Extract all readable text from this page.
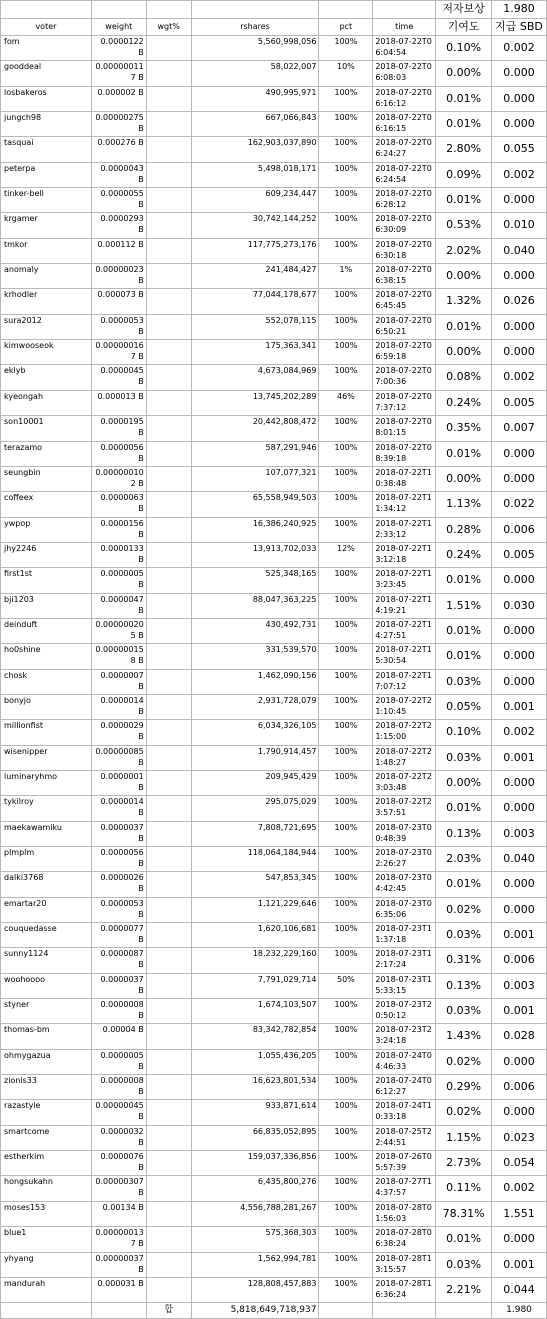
						저자보상	1.980
voter	weight	wgt%	rshares	pct	time	기여도	지급 SBD
fom	0.0000122 B		5,560,998,056	100%	2018-07-22T06:04:54	0.10%	0.002
gooddeal	0.00000011 7 B		58,022,007	10%	2018-07-22T06:08:03	0.00%	0.000
losbakeros	0.000002 B		490,995,971	100%	2018-07-22T06:16:12	0.01%	0.000
jungch98	0.00000275 B		667,066,843	100%	2018-07-22T06:16:15	0.01%	0.000
tasquai	0.000276 B		162,903,037,890	100%	2018-07-22T06:24:27	2.80%	0.055
peterpa	0.0000043 B		5,498,018,171	100%	2018-07-22T06:24:54	0.09%	0.002
tinker-bell	0.0000055 B		609,234,447	100%	2018-07-22T06:28:12	0.01%	0.000
krgamer	0.0000293 B		30,742,144,252	100%	2018-07-22T06:30:09	0.53%	0.010
tmkor	0.000112 B		117,775,273,176	100%	2018-07-22T06:30:18	2.02%	0.040
anomaly	0.00000023 B		241,484,427	1%	2018-07-22T06:38:15	0.00%	0.000
krhodler	0.000073 B		77,044,178,677	100%	2018-07-22T06:45:45	1.32%	0.026
sura2012	0.0000053 B		552,078,115	100%	2018-07-22T06:50:21	0.01%	0.000
kimwooseok	0.00000016 7 B		175,363,341	100%	2018-07-22T06:59:18	0.00%	0.000
eklyb	0.0000045 B		4,673,084,969	100%	2018-07-22T07:00:36	0.08%	0.002
kyeongah	0.000013 B		13,745,202,289	46%	2018-07-22T07:37:12	0.24%	0.005
son10001	0.0000195 B		20,442,808,472	100%	2018-07-22T08:01:15	0.35%	0.007
terazamo	0.0000056 B		587,291,946	100%	2018-07-22T08:39:18	0.01%	0.000
seungbin	0.00000010 2 B		107,077,321	100%	2018-07-22T10:38:48	0.00%	0.000
coffeex	0.0000063 B		65,558,949,503	100%	2018-07-22T11:34:12	1.13%	0.022
ywpop	0.0000156 B		16,386,240,925	100%	2018-07-22T12:33:12	0.28%	0.006
jhy2246	0.0000133 B		13,913,702,033	12%	2018-07-22T13:12:18	0.24%	0.005
first1st	0.0000005 B		525,348,165	100%	2018-07-22T13:23:45	0.01%	0.000
bji1203	0.0000047 B		88,047,363,225	100%	2018-07-22T14:19:21	1.51%	0.030
deinduft	0.00000020 5 B		430,492,731	100%	2018-07-22T14:27:51	0.01%	0.000
ho0shine	0.00000015 8 B		331,539,570	100%	2018-07-22T15:30:54	0.01%	0.000
chosk	0.0000007 B		1,462,090,156	100%	2018-07-22T17:07:12	0.03%	0.000
bonyjo	0.0000014 B		2,931,728,079	100%	2018-07-22T21:10:45	0.05%	0.001
millionfist	0.0000029 B		6,034,326,105	100%	2018-07-22T21:15:00	0.10%	0.002
wisenipper	0.00000085 B		1,790,914,457	100%	2018-07-22T21:48:27	0.03%	0.001
luminaryhmo	0.0000001 B		209,945,429	100%	2018-07-22T23:03:48	0.00%	0.000
tykilroy	0.0000014 B		295,075,029	100%	2018-07-22T23:57:51	0.01%	0.000
maekawamiku	0.0000037 B		7,808,721,695	100%	2018-07-23T00:48:39	0.13%	0.003
plmplm	0.0000056 B		118,064,184,944	100%	2018-07-23T02:26:27	2.03%	0.040
dalki3768	0.0000026 B		547,853,345	100%	2018-07-23T04:42:45	0.01%	0.000
emartar20	0.0000053 B		1,121,229,646	100%	2018-07-23T06:35:06	0.02%	0.000
couquedasse	0.0000077 B		1,620,106,681	100%	2018-07-23T11:37:18	0.03%	0.001
sunny1124	0.0000087 B		18,232,229,160	100%	2018-07-23T12:17:24	0.31%	0.006
woohoooo	0.0000037 B		7,791,029,714	50%	2018-07-23T15:33:15	0.13%	0.003
styner	0.0000008 B		1,674,103,507	100%	2018-07-23T20:50:12	0.03%	0.001
thomas-bm	0.00004 B		83,342,782,854	100%	2018-07-23T23:24:18	1.43%	0.028
ohmygazua	0.0000005 B		1,055,436,205	100%	2018-07-24T04:46:33	0.02%	0.000
zionis33	0.0000008 B		16,623,801,534	100%	2018-07-24T06:12:27	0.29%	0.006
razastyle	0.00000045 B		933,871,614	100%	2018-07-24T10:33:18	0.02%	0.000
smartcome	0.0000032 B		66,835,052,895	100%	2018-07-25T22:44:51	1.15%	0.023
estherkim	0.0000076 B		159,037,336,856	100%	2018-07-26T05:57:39	2.73%	0.054
hongsukahn	0.00000307 B		6,435,800,276	100%	2018-07-27T14:37:57	0.11%	0.002
moses153	0.00134 B		4,556,788,281,267	100%	2018-07-28T01:56:03	78.31%	1.551
blue1	0.00000013 7 B		575,368,303	100%	2018-07-28T06:38:24	0.01%	0.000
yhyang	0.00000037 B		1,562,994,781	100%	2018-07-28T13:15:57	0.03%	0.001
mandurah	0.000031 B		128,808,457,883	100%	2018-07-28T16:36:24	2.21%	0.044
		합	5,818,649,718,937				1.980
